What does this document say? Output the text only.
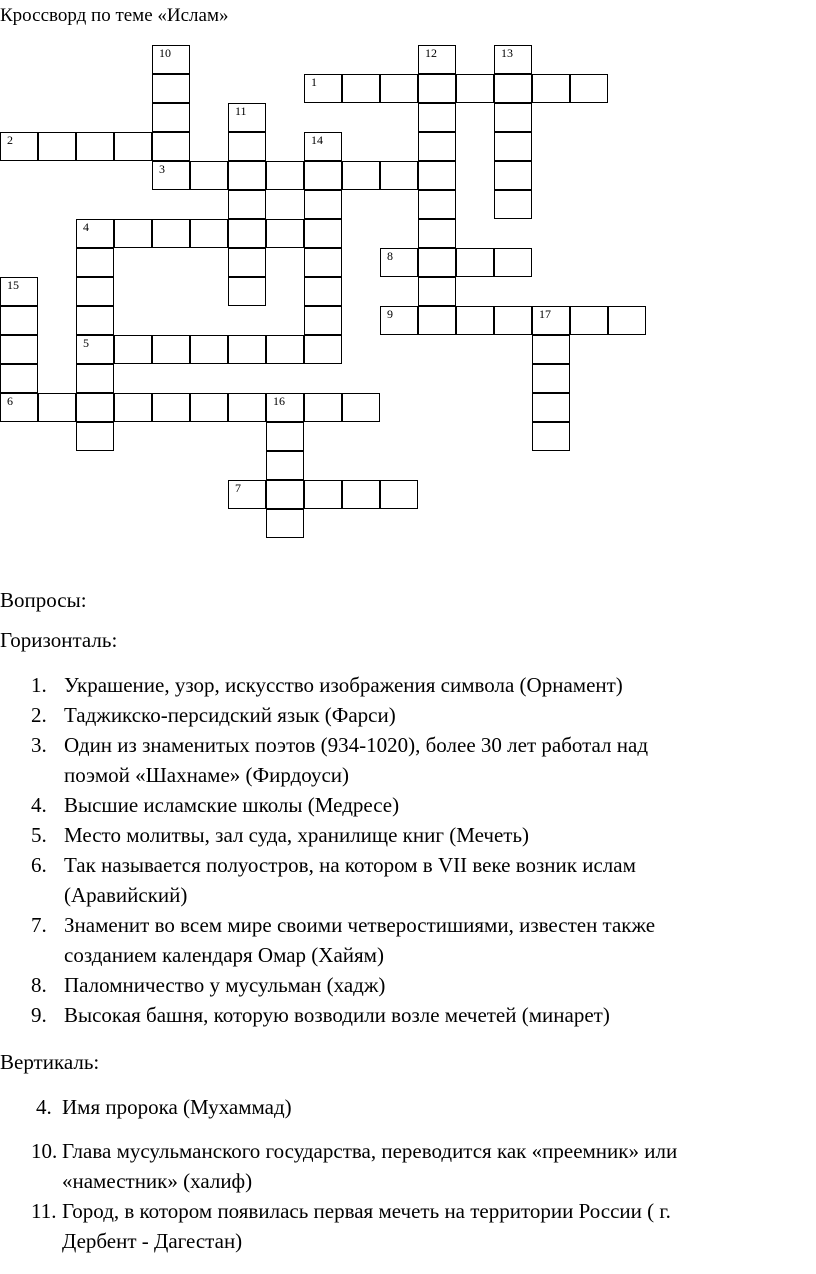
Кроссворд по теме «Ислам»
10	12	13
1
11
2	14
3
4
5
8
15
9	17
6	16
7
Вопросы:
Горизонталь:
Украшение, узор, искусство изображения символа (Орнамент)
1.
Таджикско-персидский язык (Фарси)
2.
Один из знаменитых поэтов (934-1020), более 30 лет работал над
поэмой «Шахнаме» (Фирдоуси)
3.
Высшие исламские школы (Медресе)
4.
Место молитвы, зал суда, хранилище книг (Мечеть)
5.
Так называется полуостров, на котором в VII веке возник ислам
(Аравийский)
6.
Знаменит во всем мире своими четверостишиями, известен также
созданием календаря Омар (Хайям)
7.
Паломничество у мусульман (хадж)
8.
Высокая башня, которую возводили возле мечетей (минарет)
9.
Вертикаль:
4. Имя пророка (Мухаммад)
10. Глава мусульманского государства, переводится как «преемник» или
«наместник» (халиф)
11. Город, в котором появилась первая мечеть на территории России ( г.
Дербент - Дагестан)
